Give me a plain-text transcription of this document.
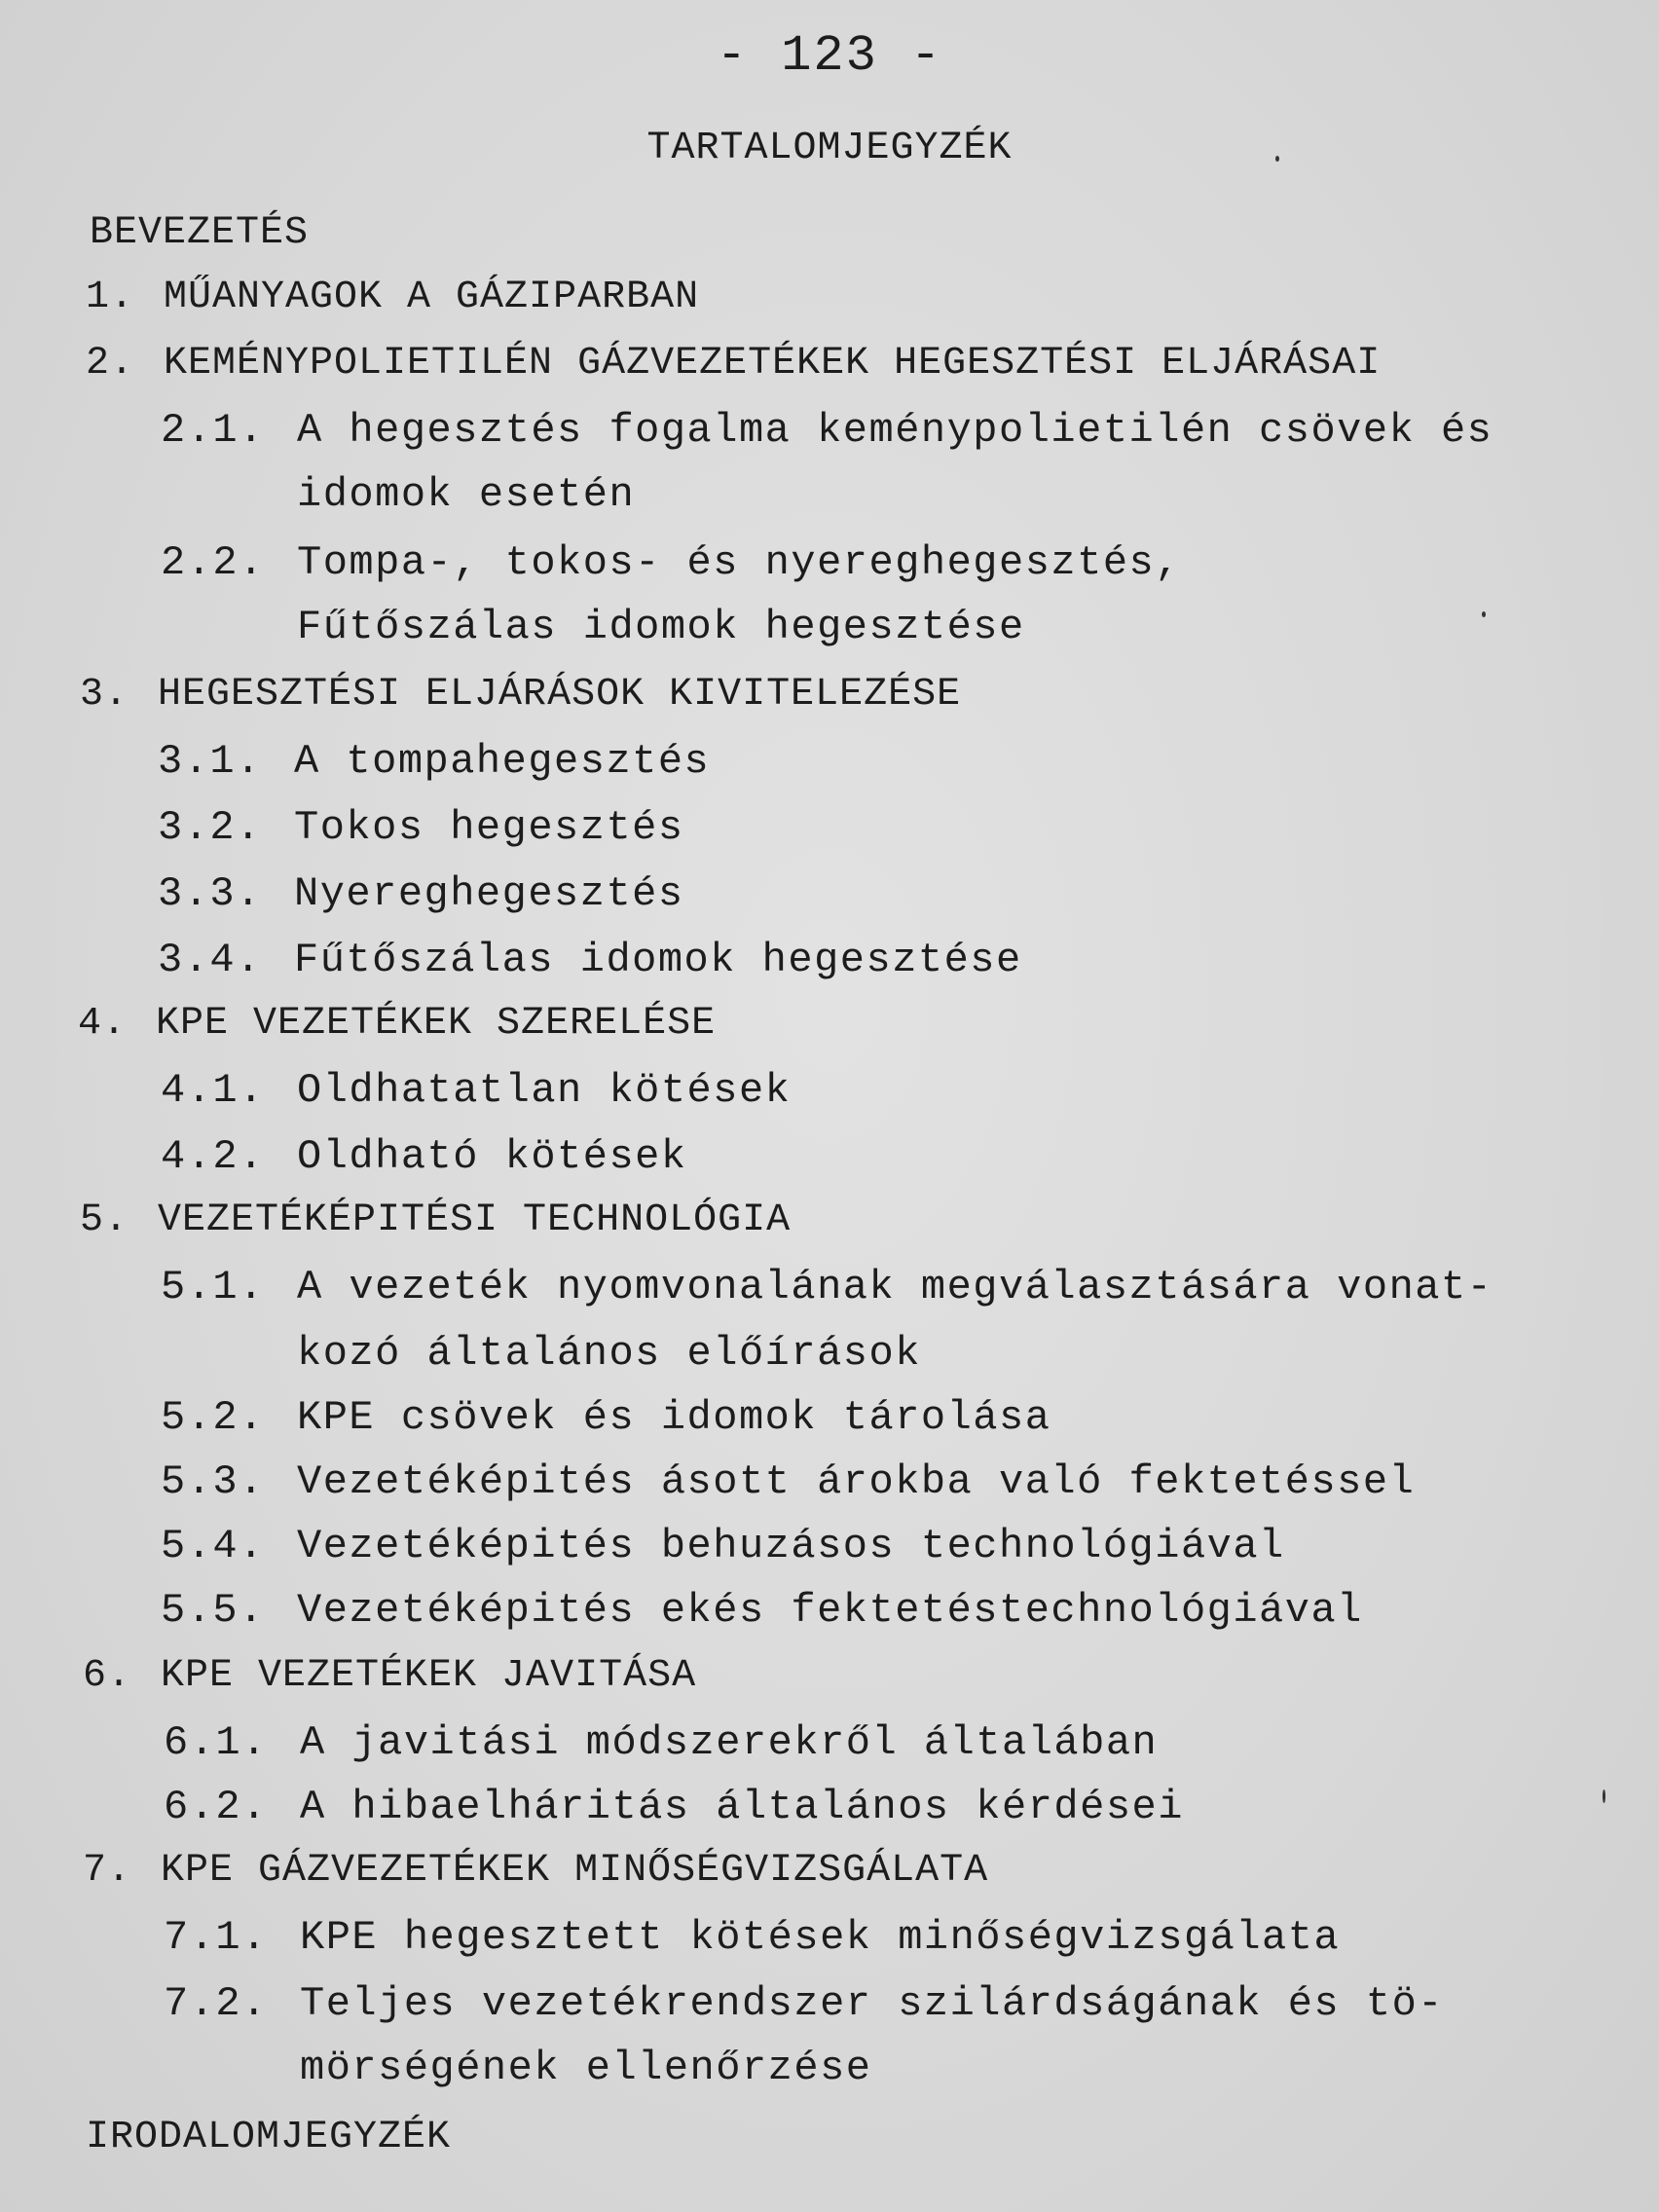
- 123 -
TARTALOMJEGYZÉK
BEVEZETÉS
1. MŰANYAGOK A GÁZIPARBAN
2. KEMÉNYPOLIETILÉN GÁZVEZETÉKEK HEGESZTÉSI ELJÁRÁSAI
2.1. A hegesztés fogalma keménypolietilén csövek és
idomok esetén
2.2. Tompa-, tokos- és nyereghegesztés,
Fűtőszálas idomok hegesztése
3. HEGESZTÉSI ELJÁRÁSOK KIVITELEZÉSE
3.1. A tompahegesztés
3.2. Tokos hegesztés
3.3. Nyereghegesztés
3.4. Fűtőszálas idomok hegesztése
4. KPE VEZETÉKEK SZERELÉSE
4.1. Oldhatatlan kötések
4.2. Oldható kötések
5. VEZETÉKÉPITÉSI TECHNOLÓGIA
5.1. A vezeték nyomvonalának megválasztására vonat-
kozó általános előírások
5.2. KPE csövek és idomok tárolása
5.3. Vezetéképités ásott árokba való fektetéssel
5.4. Vezetéképités behuzásos technológiával
5.5. Vezetéképités ekés fektetéstechnológiával
6. KPE VEZETÉKEK JAVITÁSA
6.1. A javitási módszerekről általában
6.2. A hibaelháritás általános kérdései
7. KPE GÁZVEZETÉKEK MINŐSÉGVIZSGÁLATA
7.1. KPE hegesztett kötések minőségvizsgálata
7.2. Teljes vezetékrendszer szilárdságának és tö-
mörségének ellenőrzése
IRODALOMJEGYZÉK
